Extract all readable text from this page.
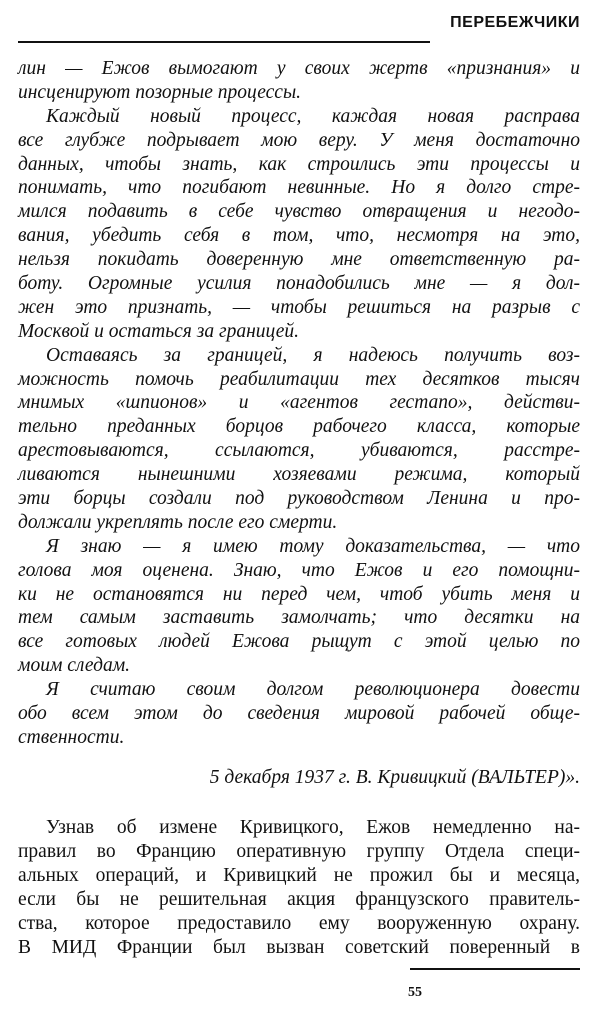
ПЕРЕБЕЖЧИКИ
лин — Ежов вымогают у своих жертв «признания» и
инсценируют позорные процессы.
Каждый новый процесс, каждая новая расправа
все глубже подрывает мою веру. У меня достаточно
данных, чтобы знать, как строились эти процессы и
понимать, что погибают невинные. Но я долго стре-
мился подавить в себе чувство отвращения и негодо-
вания, убедить себя в том, что, несмотря на это,
нельзя покидать доверенную мне ответственную ра-
боту. Огромные усилия понадобились мне — я дол-
жен это признать, — чтобы решиться на разрыв с
Москвой и остаться за границей.
Оставаясь за границей, я надеюсь получить воз-
можность помочь реабилитации тех десятков тысяч
мнимых «шпионов» и «агентов гестапо», действи-
тельно преданных борцов рабочего класса, которые
арестовываются, ссылаются, убиваются, расстре-
ливаются нынешними хозяевами режима, который
эти борцы создали под руководством Ленина и про-
должали укреплять после его смерти.
Я знаю — я имею тому доказательства, — что
голова моя оценена. Знаю, что Ежов и его помощни-
ки не остановятся ни перед чем, чтоб убить меня и
тем самым заставить замолчать; что десятки на
все готовых людей Ежова рыщут с этой целью по
моим следам.
Я считаю своим долгом революционера довести
обо всем этом до сведения мировой рабочей обще-
ственности.
5 декабря 1937 г. В. Кривицкий (ВАЛЬТЕР)».
Узнав об измене Кривицкого, Ежов немедленно на-
правил во Францию оперативную группу Отдела специ-
альных операций, и Кривицкий не прожил бы и месяца,
если бы не решительная акция французского правитель-
ства, которое предоставило ему вооруженную охрану.
В МИД Франции был вызван советский поверенный в
55
